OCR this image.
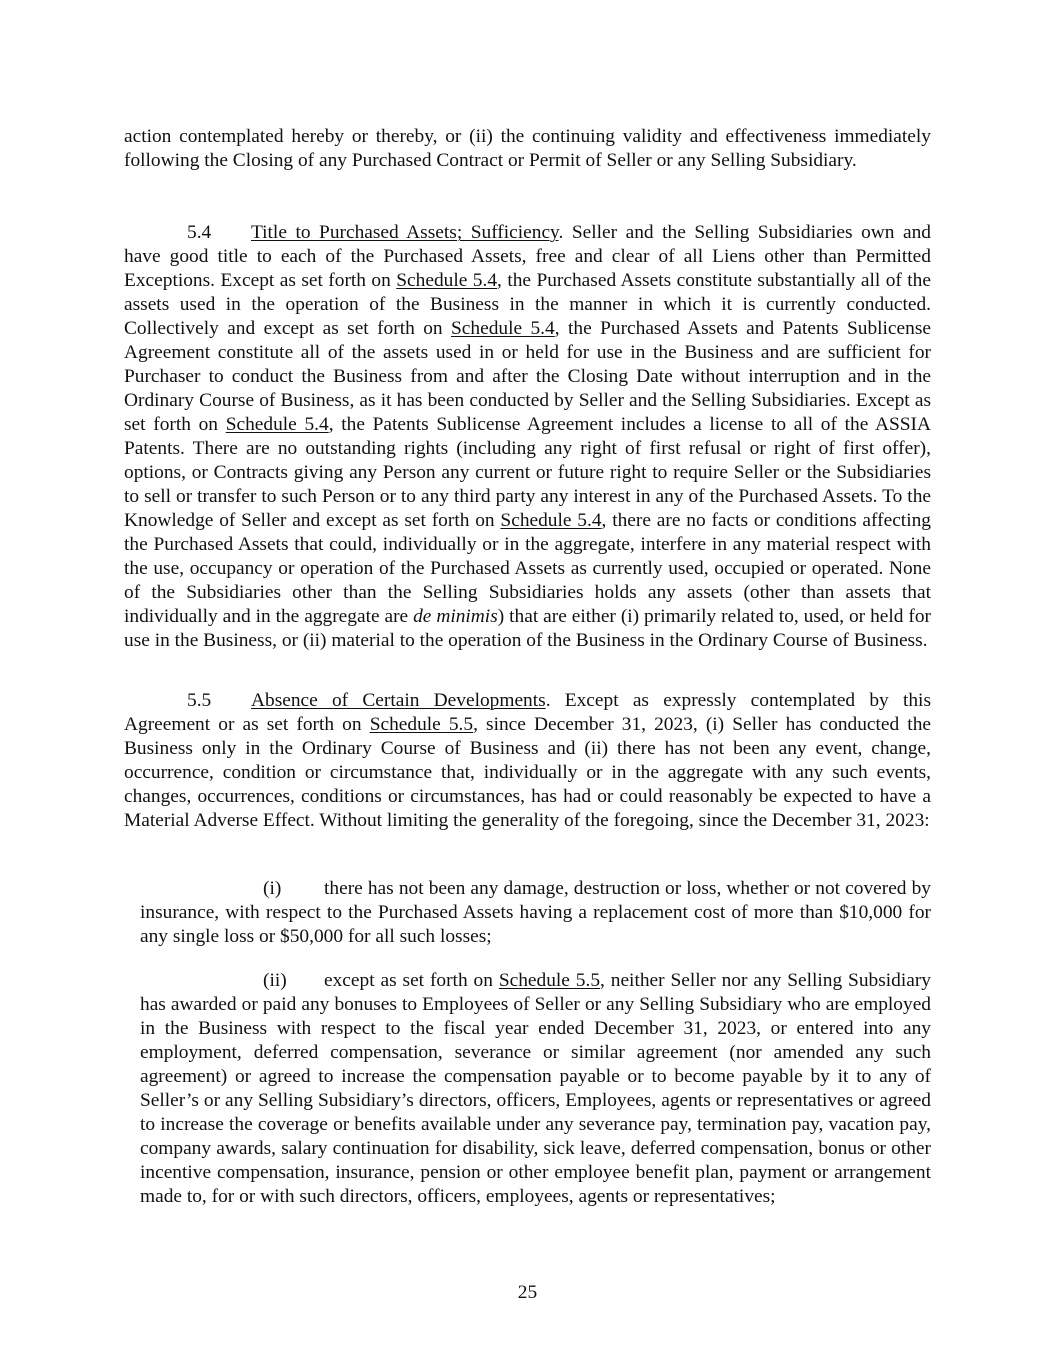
action contemplated hereby or thereby, or (ii) the continuing validity and effectiveness immediately following the Closing of any Purchased Contract or Permit of Seller or any Selling Subsidiary.

5.4 Title to Purchased Assets; Sufficiency. Seller and the Selling Subsidiaries own and have good title to each of the Purchased Assets, free and clear of all Liens other than Permitted Exceptions. Except as set forth on Schedule 5.4, the Purchased Assets constitute substantially all of the assets used in the operation of the Business in the manner in which it is currently conducted. Collectively and except as set forth on Schedule 5.4, the Purchased Assets and Patents Sublicense Agreement constitute all of the assets used in or held for use in the Business and are sufficient for Purchaser to conduct the Business from and after the Closing Date without interruption and in the Ordinary Course of Business, as it has been conducted by Seller and the Selling Subsidiaries. Except as set forth on Schedule 5.4, the Patents Sublicense Agreement includes a license to all of the ASSIA Patents. There are no outstanding rights (including any right of first refusal or right of first offer), options, or Contracts giving any Person any current or future right to require Seller or the Subsidiaries to sell or transfer to such Person or to any third party any interest in any of the Purchased Assets. To the Knowledge of Seller and except as set forth on Schedule 5.4, there are no facts or conditions affecting the Purchased Assets that could, individually or in the aggregate, interfere in any material respect with the use, occupancy or operation of the Purchased Assets as currently used, occupied or operated. None of the Subsidiaries other than the Selling Subsidiaries holds any assets (other than assets that individually and in the aggregate are de minimis) that are either (i) primarily related to, used, or held for use in the Business, or (ii) material to the operation of the Business in the Ordinary Course of Business.

5.5 Absence of Certain Developments. Except as expressly contemplated by this Agreement or as set forth on Schedule 5.5, since December 31, 2023, (i) Seller has conducted the Business only in the Ordinary Course of Business and (ii) there has not been any event, change, occurrence, condition or circumstance that, individually or in the aggregate with any such events, changes, occurrences, conditions or circumstances, has had or could reasonably be expected to have a Material Adverse Effect. Without limiting the generality of the foregoing, since the December 31, 2023:

(i) there has not been any damage, destruction or loss, whether or not covered by insurance, with respect to the Purchased Assets having a replacement cost of more than $10,000 for any single loss or $50,000 for all such losses;

(ii) except as set forth on Schedule 5.5, neither Seller nor any Selling Subsidiary has awarded or paid any bonuses to Employees of Seller or any Selling Subsidiary who are employed in the Business with respect to the fiscal year ended December 31, 2023, or entered into any employment, deferred compensation, severance or similar agreement (nor amended any such agreement) or agreed to increase the compensation payable or to become payable by it to any of Seller’s or any Selling Subsidiary’s directors, officers, Employees, agents or representatives or agreed to increase the coverage or benefits available under any severance pay, termination pay, vacation pay, company awards, salary continuation for disability, sick leave, deferred compensation, bonus or other incentive compensation, insurance, pension or other employee benefit plan, payment or arrangement made to, for or with such directors, officers, employees, agents or representatives;

25
